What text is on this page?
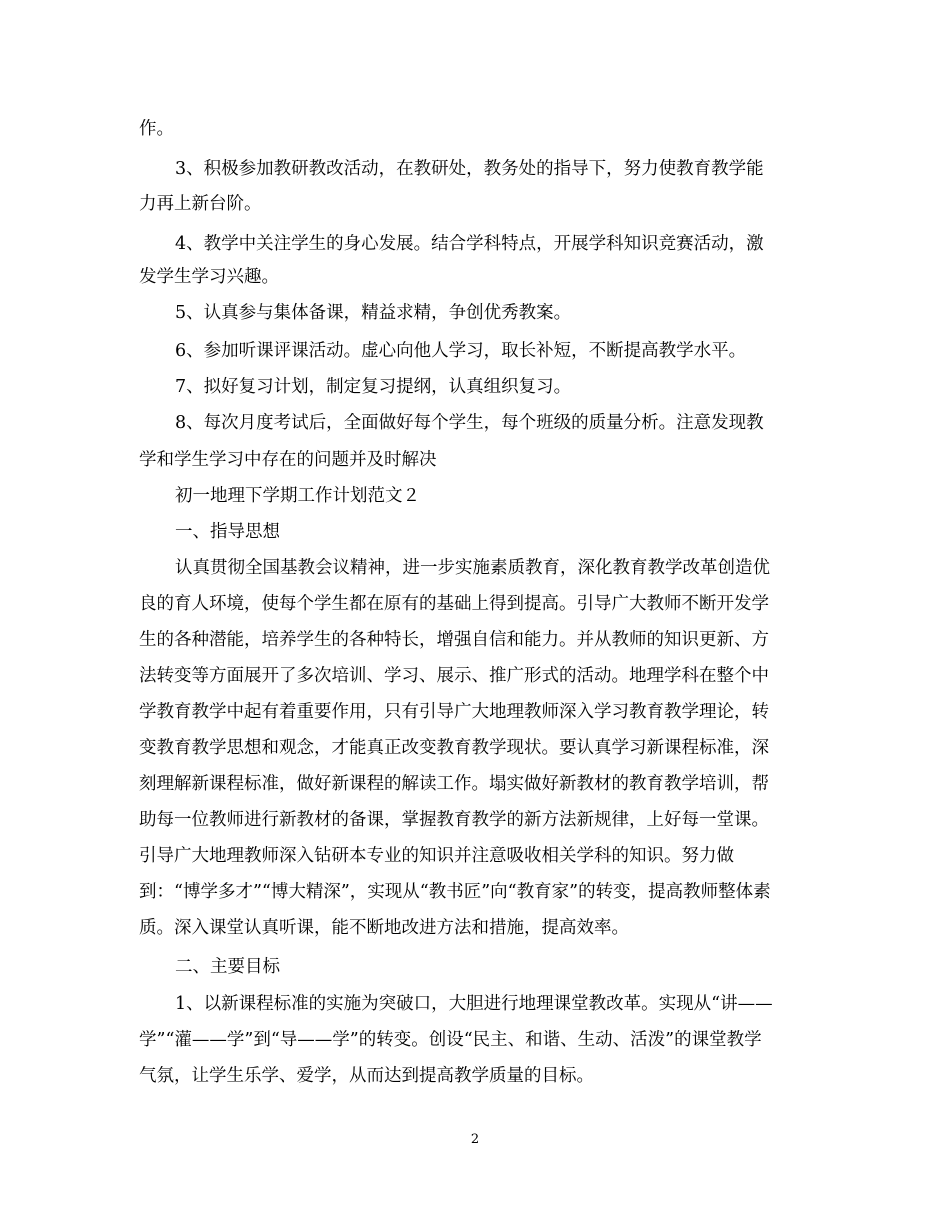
作。
3、积极参加教研教改活动，在教研处，教务处的指导下，努力使教育教学能
力再上新台阶。
4、教学中关注学生的身心发展。结合学科特点，开展学科知识竞赛活动，激
发学生学习兴趣。
5、认真参与集体备课，精益求精，争创优秀教案。
6、参加听课评课活动。虚心向他人学习，取长补短，不断提高教学水平。
7、拟好复习计划，制定复习提纲，认真组织复习。
8、每次月度考试后，全面做好每个学生，每个班级的质量分析。注意发现教
学和学生学习中存在的问题并及时解决
初一地理下学期工作计划范文２
一、指导思想
认真贯彻全国基教会议精神，进一步实施素质教育，深化教育教学改革创造优
良的育人环境，使每个学生都在原有的基础上得到提高。引导广大教师不断开发学
生的各种潜能，培养学生的各种特长，增强自信和能力。并从教师的知识更新、方
法转变等方面展开了多次培训、学习、展示、推广形式的活动。地理学科在整个中
学教育教学中起有着重要作用，只有引导广大地理教师深入学习教育教学理论，转
变教育教学思想和观念，才能真正改变教育教学现状。要认真学习新课程标准，深
刻理解新课程标准，做好新课程的解读工作。塌实做好新教材的教育教学培训，帮
助每一位教师进行新教材的备课，掌握教育教学的新方法新规律，上好每一堂课。
引导广大地理教师深入钻研本专业的知识并注意吸收相关学科的知识。努力做
到：“博学多才”“博大精深”，实现从“教书匠”向“教育家”的转变，提高教师整体素
质。深入课堂认真听课，能不断地改进方法和措施，提高效率。
二、主要目标
1、以新课程标准的实施为突破口，大胆进行地理课堂教改革。实现从“讲——
学”“灌——学”到“导——学”的转变。创设“民主、和谐、生动、活泼”的课堂教学
气氛，让学生乐学、爱学，从而达到提高教学质量的目标。
2
